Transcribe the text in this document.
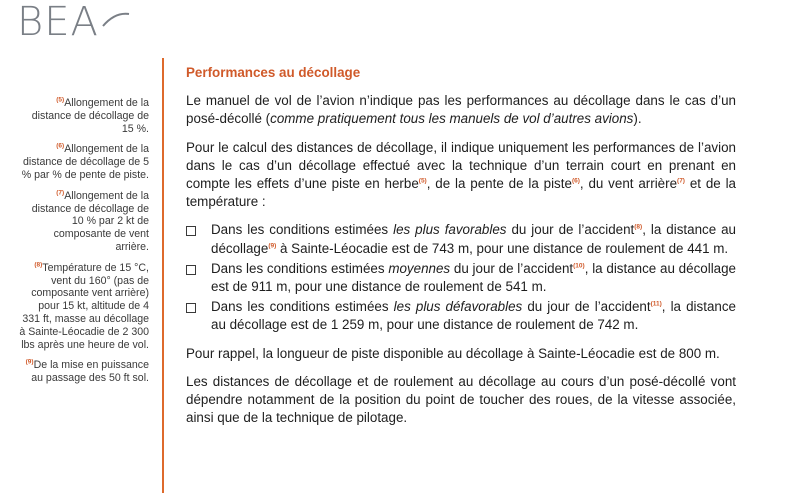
BEA

$^{(5)}$Allongement de la distance de décollage de 15 %.

$^{(6)}$Allongement de la distance de décollage de 5 % par % de pente de piste.

$^{(7)}$Allongement de la distance de décollage de 10 % par 2 kt de composante de vent arrière.

$^{(8)}$Température de 15 °C, vent du 160° (pas de composante vent arrière) pour 15 kt, altitude de 4 331 ft, masse au décollage à Sainte-Léocadie de 2 300 lbs après une heure de vol.

$^{(9)}$De la mise en puissance au passage des 50 ft sol.

Performances au décollage

Le manuel de vol de l’avion n’indique pas les performances au décollage dans le cas d’un posé-décollé (comme pratiquement tous les manuels de vol d’autres avions).

Pour le calcul des distances de décollage, il indique uniquement les performances de l’avion dans le cas d’un décollage effectué avec la technique d’un terrain court en prenant en compte les effets d’une piste en herbe$^{(5)}$, de la pente de la piste$^{(6)}$, du vent arrière$^{(7)}$ et de la température :

Dans les conditions estimées les plus favorables du jour de l’accident$^{(8)}$, la distance au décollage$^{(9)}$ à Sainte-Léocadie est de 743 m, pour une distance de roulement de 441 m.
Dans les conditions estimées moyennes du jour de l’accident$^{(10)}$, la distance au décollage est de 911 m, pour une distance de roulement de 541 m.
Dans les conditions estimées les plus défavorables du jour de l’accident$^{(11)}$, la distance au décollage est de 1 259 m, pour une distance de roulement de 742 m.

Pour rappel, la longueur de piste disponible au décollage à Sainte-Léocadie est de 800 m.

Les distances de décollage et de roulement au décollage au cours d’un posé-décollé vont dépendre notamment de la position du point de toucher des roues, de la vitesse associée, ainsi que de la technique de pilotage.
